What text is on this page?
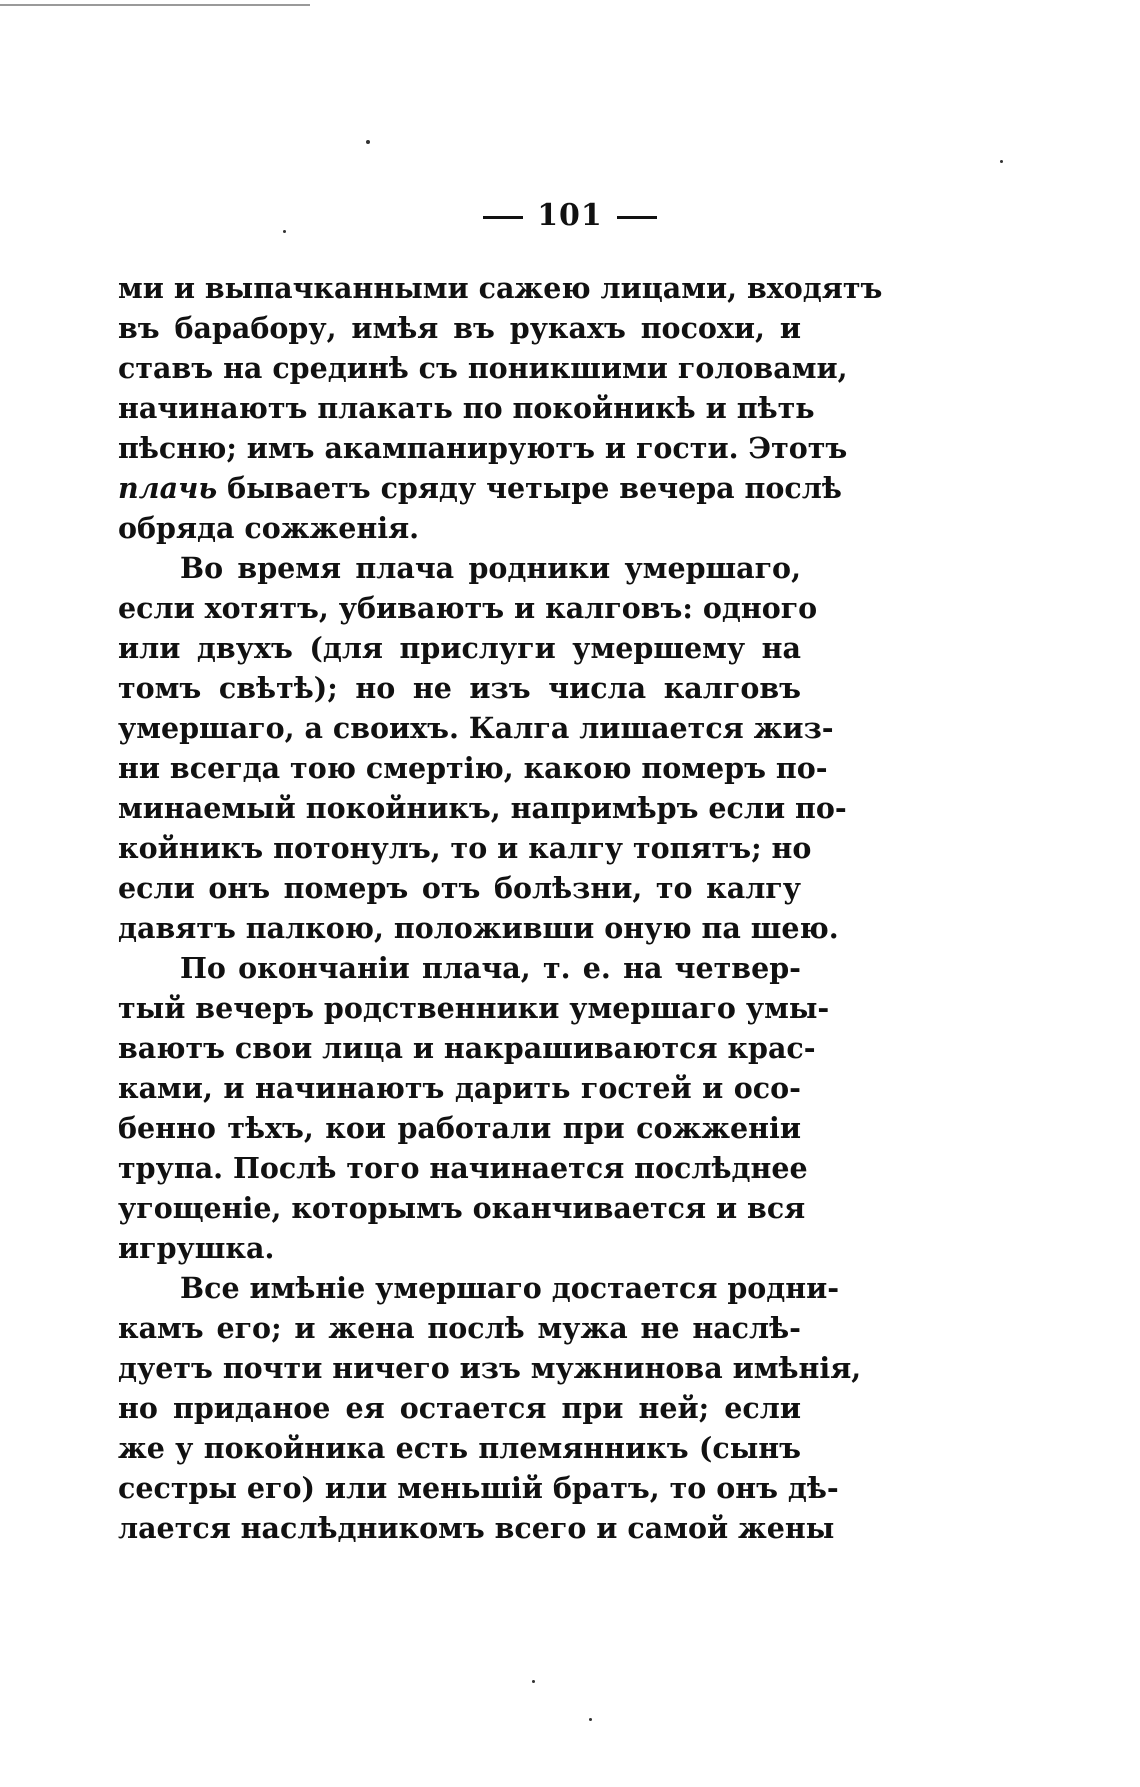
101
ми и выпачканными сажею лицами, входятъ
въ барабору, имѣя въ рукахъ посохи, и
ставъ на срединѣ съ поникшими головами,
начинаютъ плакать по покойникѣ и пѣть
пѣсню; имъ акампанируютъ и гости. Этотъ
плачь бываетъ сряду четыре вечера послѣ
обряда сожженія.
Во время плача родники умершаго,
если хотятъ, убиваютъ и калговъ: одного
или двухъ (для прислуги умершему на
томъ свѣтѣ); но не изъ числа калговъ
умершаго, а своихъ. Калга лишается жиз-
ни всегда тою смертію, какою померъ по-
минаемый покойникъ, напримѣръ если по-
койникъ потонулъ, то и калгу топятъ; но
если онъ померъ отъ болѣзни, то калгу
давятъ палкою, положивши оную па шею.
По окончаніи плача, т. е. на четвер-
тый вечеръ родственники умершаго умы-
ваютъ свои лица и накрашиваются крас-
ками, и начинаютъ дарить гостей и осо-
бенно тѣхъ, кои работали при сожженіи
трупа. Послѣ того начинается послѣднее
угощеніе, которымъ оканчивается и вся
игрушка.
Все имѣніе умершаго достается родни-
камъ его; и жена послѣ мужа не наслѣ-
дуетъ почти ничего изъ мужнинова имѣнія,
но приданое ея остается при ней; если
же у покойника есть племянникъ (сынъ
сестры его) или меньшій братъ, то онъ дѣ-
лается наслѣдникомъ всего и самой жены
